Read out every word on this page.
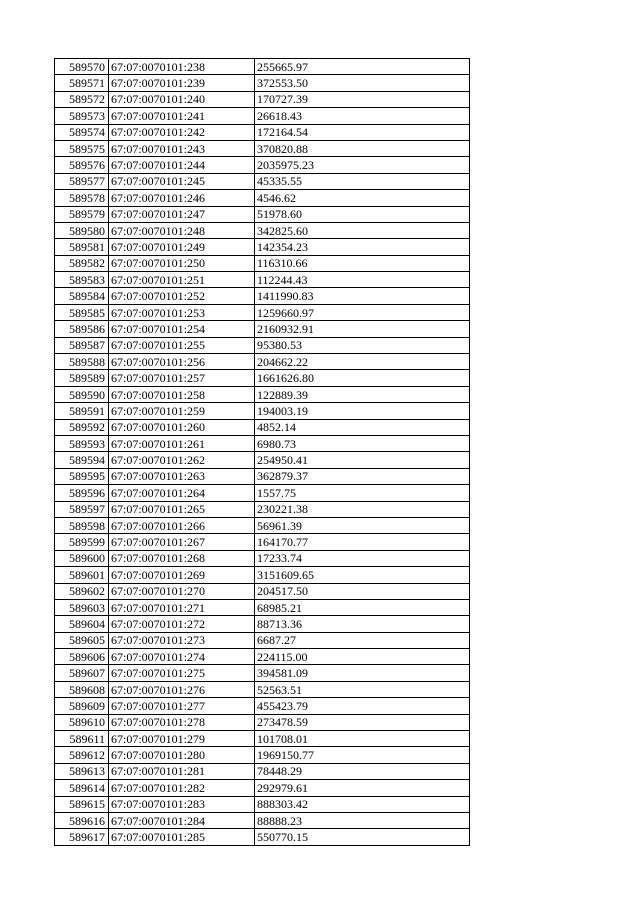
589570	67:07:0070101:238	255665.97
589571	67:07:0070101:239	372553.50
589572	67:07:0070101:240	170727.39
589573	67:07:0070101:241	26618.43
589574	67:07:0070101:242	172164.54
589575	67:07:0070101:243	370820.88
589576	67:07:0070101:244	2035975.23
589577	67:07:0070101:245	45335.55
589578	67:07:0070101:246	4546.62
589579	67:07:0070101:247	51978.60
589580	67:07:0070101:248	342825.60
589581	67:07:0070101:249	142354.23
589582	67:07:0070101:250	116310.66
589583	67:07:0070101:251	112244.43
589584	67:07:0070101:252	1411990.83
589585	67:07:0070101:253	1259660.97
589586	67:07:0070101:254	2160932.91
589587	67:07:0070101:255	95380.53
589588	67:07:0070101:256	204662.22
589589	67:07:0070101:257	1661626.80
589590	67:07:0070101:258	122889.39
589591	67:07:0070101:259	194003.19
589592	67:07:0070101:260	4852.14
589593	67:07:0070101:261	6980.73
589594	67:07:0070101:262	254950.41
589595	67:07:0070101:263	362879.37
589596	67:07:0070101:264	1557.75
589597	67:07:0070101:265	230221.38
589598	67:07:0070101:266	56961.39
589599	67:07:0070101:267	164170.77
589600	67:07:0070101:268	17233.74
589601	67:07:0070101:269	3151609.65
589602	67:07:0070101:270	204517.50
589603	67:07:0070101:271	68985.21
589604	67:07:0070101:272	88713.36
589605	67:07:0070101:273	6687.27
589606	67:07:0070101:274	224115.00
589607	67:07:0070101:275	394581.09
589608	67:07:0070101:276	52563.51
589609	67:07:0070101:277	455423.79
589610	67:07:0070101:278	273478.59
589611	67:07:0070101:279	101708.01
589612	67:07:0070101:280	1969150.77
589613	67:07:0070101:281	78448.29
589614	67:07:0070101:282	292979.61
589615	67:07:0070101:283	888303.42
589616	67:07:0070101:284	88888.23
589617	67:07:0070101:285	550770.15
